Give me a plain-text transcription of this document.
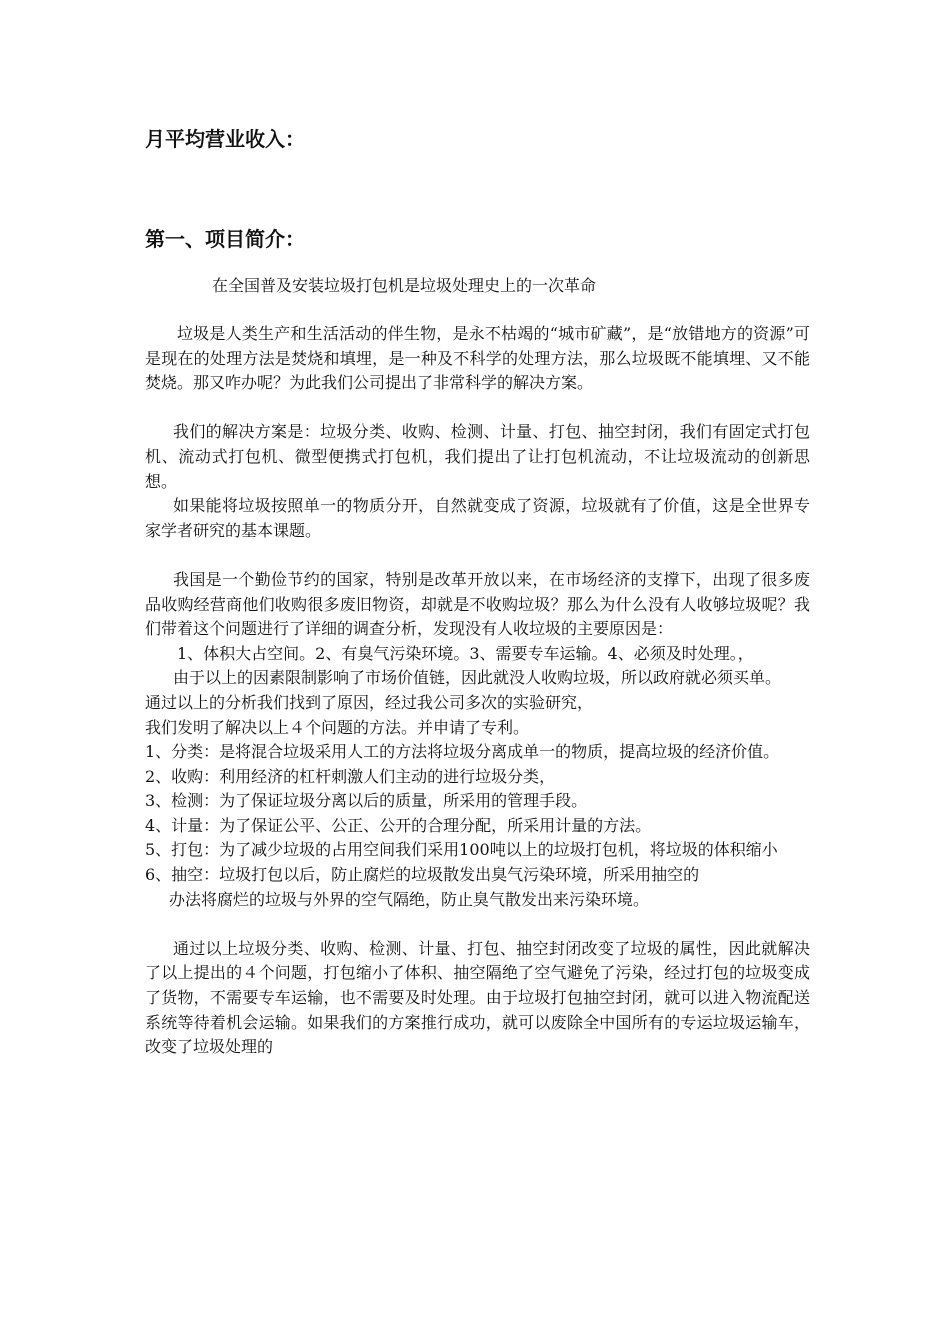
月平均营业收入：
第一、项目简介：

在全国普及安装垃圾打包机是垃圾处理史上的一次革命

垃圾是人类生产和生活活动的伴生物，是永不枯竭的“城市矿藏”，是“放错地方的资源”可是现在的处理方法是焚烧和填埋，是一种及不科学的处理方法，那么垃圾既不能填埋、又不能焚烧。那又咋办呢？为此我们公司提出了非常科学的解决方案。

我们的解决方案是：垃圾分类、收购、检测、计量、打包、抽空封闭，我们有固定式打包机、流动式打包机、微型便携式打包机，我们提出了让打包机流动，不让垃圾流动的创新思想。

如果能将垃圾按照单一的物质分开，自然就变成了资源，垃圾就有了价值，这是全世界专家学者研究的基本课题。

我国是一个勤俭节约的国家，特别是改革开放以来，在市场经济的支撑下，出现了很多废品收购经营商他们收购很多废旧物资，却就是不收购垃圾？那么为什么没有人收够垃圾呢？我们带着这个问题进行了详细的调查分析，发现没有人收垃圾的主要原因是：

1、体积大占空间。2、有臭气污染环境。3、需要专车运输。4、必须及时处理。，

由于以上的因素限制影响了市场价值链，因此就没人收购垃圾，所以政府就必须买单。

通过以上的分析我们找到了原因，经过我公司多次的实验研究，

我们发明了解决以上４个问题的方法。并申请了专利。

1、分类：是将混合垃圾采用人工的方法将垃圾分离成单一的物质，提高垃圾的经济价值。

2、收购：利用经济的杠杆刺激人们主动的进行垃圾分类，

3、检测：为了保证垃圾分离以后的质量，所采用的管理手段。

4、计量：为了保证公平、公正、公开的合理分配，所采用计量的方法。

5、打包：为了减少垃圾的占用空间我们采用100吨以上的垃圾打包机，将垃圾的体积缩小

6、抽空：垃圾打包以后，防止腐烂的垃圾散发出臭气污染环境，所采用抽空的

办法将腐烂的垃圾与外界的空气隔绝，防止臭气散发出来污染环境。

通过以上垃圾分类、收购、检测、计量、打包、抽空封闭改变了垃圾的属性，因此就解决了以上提出的４个问题，打包缩小了体积、抽空隔绝了空气避免了污染，经过打包的垃圾变成了货物，不需要专车运输，也不需要及时处理。由于垃圾打包抽空封闭，就可以进入物流配送系统等待着机会运输。如果我们的方案推行成功，就可以废除全中国所有的专运垃圾运输车，改变了垃圾处理的
